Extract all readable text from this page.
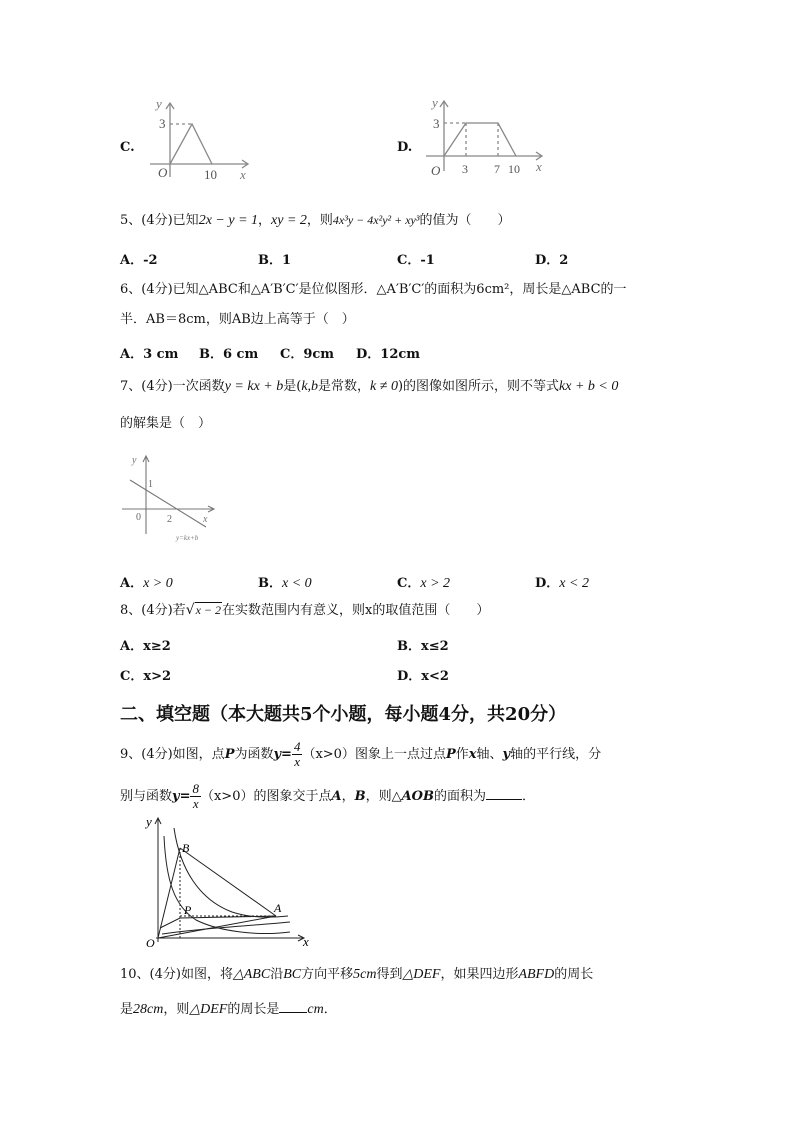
C.
y
x
O
3
10
D.
y
x
O
3
3 7 10
5、(4分)已知2x − y = 1，xy = 2，则4x³y − 4x²y² + xy³的值为（　　）
A．-2	B．1	C．-1	D．2
6、(4分)已知△ABC和△A′B′C′是位似图形．△A′B′C′的面积为6cm²，周长是△ABC的一
半．AB＝8cm，则AB边上高等于（　）
A．3 cm B．6 cm C．9cm D．12cm
7、(4分)一次函数y = kx + b是(k,b是常数，k ≠ 0)的图像如图所示，则不等式kx + b < 0
的解集是（　）
y
x
0
1
2
y=kx+b
A．x > 0	B．x < 0	C．x > 2	D．x < 2
8、(4分)若√x − 2在实数范围内有意义，则x的取值范围（　　）
A．x≥2	B．x≤2
C．x>2	D．x<2
二、填空题（本大题共5个小题，每小题4分，共20分）
9、(4分)如图，点P为函数$y= \frac{4}{x} (x>0)$图象上一点过点P作x轴、y轴的平行线，分
别与函数$y= \frac{8}{x} (x>0)$的图象交于点A，B，则△AOB的面积为	．
y
x
O
B
P	A
10、(4分)如图，将△ABC沿BC方向平移5cm得到△DEF，如果四边形ABFD的周长
是28cm，则△DEF的周长是 cm．
